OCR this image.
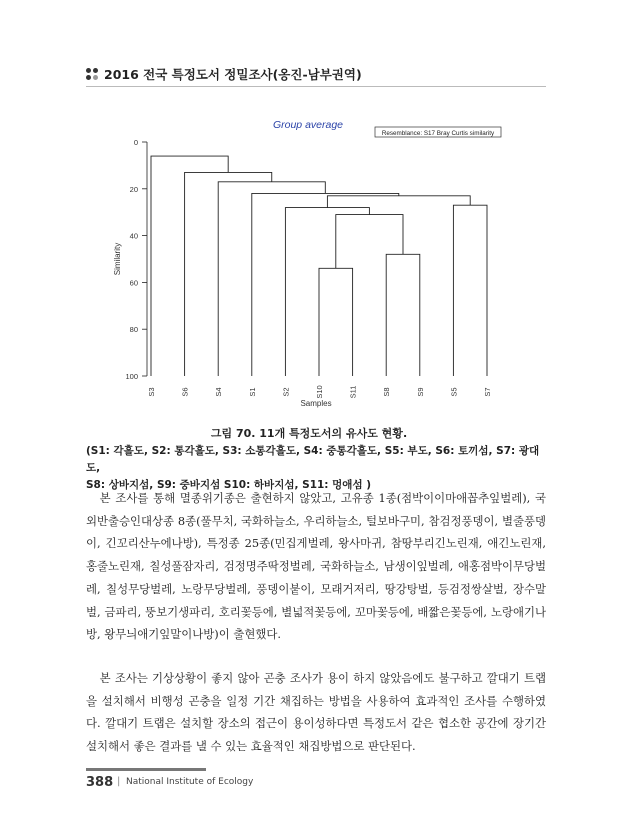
2016 전국 특정도서 정밀조사(옹진-남부권역)
Group average
Resemblance: S17 Bray Curtis similarity
0
20
40
60
80
100
Similarity
S3	S6	S4	S1	S2	S10	S11	S8	S9	S5	S7
Samples
그림 70. 11개 특정도서의 유사도 현황.
(S1: 각흘도, S2: 통각흘도, S3: 소통각흘도, S4: 중통각흘도, S5: 부도, S6: 토끼섬, S7: 광대도,
S8: 상바지섬, S9: 중바지섬 S10: 하바지섬, S11: 멍애섬 )
본 조사를 통해 멸종위기종은 출현하지 않았고, 고유종 1종(점박이이마애꼽추잎벌레), 국외반출승인대상종 8종(풀무치, 국화하늘소, 우리하늘소, 털보바구미, 참검정풍뎅이, 별줄풍뎅이, 긴꼬리산누에나방), 특정종 25종(민집게벌레, 왕사마귀, 참땅부리긴노린재, 애긴노린재, 홍줄노린재, 칠성풀잠자리, 검정명주딱정벌레, 국화하늘소, 남생이잎벌레, 애홍점박이무당벌레, 칠성무당벌레, 노랑무당벌레, 풍뎅이붙이, 모래거저리, 땅강탕벌, 등검정쌍살벌, 장수말벌, 금파리, 뚱보기생파리, 호리꽃등에, 별넓적꽃등에, 꼬마꽃등에, 배짧은꽃등에, 노랑애기나방, 왕무늬애기잎말이나방)이 출현했다.
본 조사는 기상상황이 좋지 않아 곤충 조사가 용이 하지 않았음에도 불구하고 깔대기 트랩을 설치해서 비행성 곤충을 일정 기간 채집하는 방법을 사용하여 효과적인 조사를 수행하였다. 깔대기 트랩은 설치할 장소의 접근이 용이성하다면 특정도서 같은 협소한 공간에 장기간 설치해서 좋은 결과를 낼 수 있는 효율적인 채집방법으로 판단된다.
388 | National Institute of Ecology
